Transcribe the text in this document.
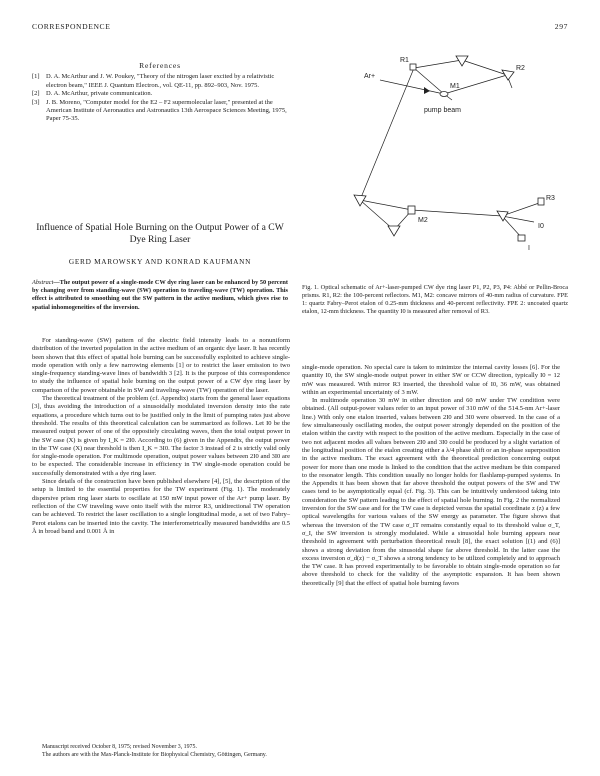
CORRESPONDENCE	297
References
[1] D. A. McArthur and J. W. Poukey, "Theory of the nitrogen laser excited by a relativistic electron beam," IEEE J. Quantum Electron., vol. QE-11, pp. 892–903, Nov. 1975.
[2] D. A. McArthur, private communication.
[3] J. B. Moreno, "Computer model for the E2 – F2 supermolecular laser," presented at the American Institute of Aeronautics and Astronautics 13th Aerospace Sciences Meeting, 1975, Paper 75-35.
Influence of Spatial Hole Burning on the Output Power of a CW Dye Ring Laser
GERD MAROWSKY AND KONRAD KAUFMANN
Abstract—The output power of a single-mode CW dye ring laser can be enhanced by 50 percent by changing over from standing-wave (SW) operation to traveling-wave (TW) operation. This effect is attributed to smoothing out the SW pattern in the active medium, which gives rise to spatial inhomogeneities of the inversion.

For standing-wave (SW) pattern of the electric field intensity leads to a nonuniform distribution of the inverted population in the active medium of an organic dye laser. It has recently been shown that this effect of spatial hole burning can be successfully exploited to achieve single-mode operation with only a few narrowing elements [1] or to restrict the laser emission to two single-frequency standing-wave lines of bandwidth 3 [2]. It is the purpose of this correspondence to study the influence of spatial hole burning on the output power of a CW dye ring laser by comparison of the power obtainable in SW and traveling-wave (TW) operation of the laser.

The theoretical treatment of the problem (cf. Appendix) starts from the general laser equations [3], thus avoiding the introduction of a sinusoidally modulated inversion density into the rate equations, a procedure which turns out to be justified only in the limit of pumping rates just above threshold. The results of this theoretical calculation can be summarized as follows. Let I0 be the measured output power of one of the oppositely circulating waves, then the total output power in the SW case (X) is given by I_K = 2I0. According to (6) given in the Appendix, the output power in the TW case (X) near threshold is then I_K = 3I0. The factor 3 instead of 2 is strictly valid only for single-mode operation. For multimode operation, output power values between 2I0 and 3I0 are to be expected. The considerable increase in efficiency in TW single-mode operation could be successfully demonstrated with a dye ring laser.

Since details of the construction have been published elsewhere [4], [5], the description of the setup is limited to the essential properties for the TW experiment (Fig. 1). The moderately dispersive prism ring laser starts to oscillate at 150 mW input power of the Ar+ pump laser. By reflection of the CW traveling wave onto itself with the mirror R3, unidirectional TW operation can be achieved. To restrict the laser oscillation to a single longitudinal mode, a set of two Fabry–Perot etalons can be inserted into the cavity. The interferometrically measured bandwidths are 0.5 Å in broad band and 0.001 Å in

Manuscript received October 8, 1975; revised November 3, 1975.

The authors are with the Max-Planck-Institute for Biophysical Chemistry, Göttingen, Germany.

Ar+
pump beam
R1
R2
R3
M1
M2
I0
I
Fig. 1. Optical schematic of Ar+-laser-pumped CW dye ring laser P1, P2, P3, P4: Abbé or Pellin-Broca prisms. R1, R2: the 100-percent reflectors. M1, M2: concave mirrors of 40-mm radius of curvature. FPE 1: quartz Fabry–Perot etalon of 0.25-mm thickness and 40-percent reflectivity. FPE 2: uncoated quartz etalon, 12-mm thickness. The quantity I0 is measured after removal of R3.

single-mode operation. No special care is taken to minimize the internal cavity losses [6]. For the quantity I0, the SW single-mode output power in either SW or CCW direction, typically I0 = 12 mW was measured. With mirror R3 inserted, the threshold value of I0, 36 mW, was obtained within an experimental uncertainty of 3 mW.

In multimode operation 30 mW in either direction and 60 mW under TW condition were obtained. (All output-power values refer to an input power of 310 mW of the 514.5-nm Ar+-laser line.) With only one etalon inserted, values between 2I0 and 3I0 were observed. In the case of a few simultaneously oscillating modes, the output power strongly depended on the position of the etalon within the cavity with respect to the position of the active medium. Especially in the case of two not adjacent modes all values between 2I0 and 3I0 could be produced by a slight variation of the longitudinal position of the etalon creating either a λ/4 phase shift or an in-phase superposition in the active medium. The exact agreement with the theoretical prediction concerning output power for more than one mode is linked to the condition that the active medium be thin compared to the resonator length. This condition usually no longer holds for flashlamp-pumped systems. In the Appendix it has been shown that far above threshold the output powers of the SW and TW cases tend to be asymptotically equal (cf. Fig. 3). This can be intuitively understood taking into consideration the SW pattern leading to the effect of spatial hole burning. In Fig. 2 the normalized inversion for the SW case and for the TW case is depicted versus the spatial coordinate z (z) a few optical wavelengths for various values of the SW energy as parameter. The figure shows that whereas the inversion of the TW case σ_IT remains constantly equal to its threshold value σ_T, σ_I, the SW inversion is strongly modulated. While a sinusoidal hole burning appears near threshold in agreement with perturbation theoretical result [8], the exact solution [(1) and (6)] shows a strong deviation from the sinusoidal shape far above threshold. In the latter case the excess inversion σ_d(z) − σ_T shows a strong tendency to be utilized completely and to approach the TW case. It has proved experimentally to be favorable to obtain single-mode operation so far above threshold to check for the validity of the asymptotic expansion. It has been shown theoretically [9] that the effect of spatial hole burning favors
